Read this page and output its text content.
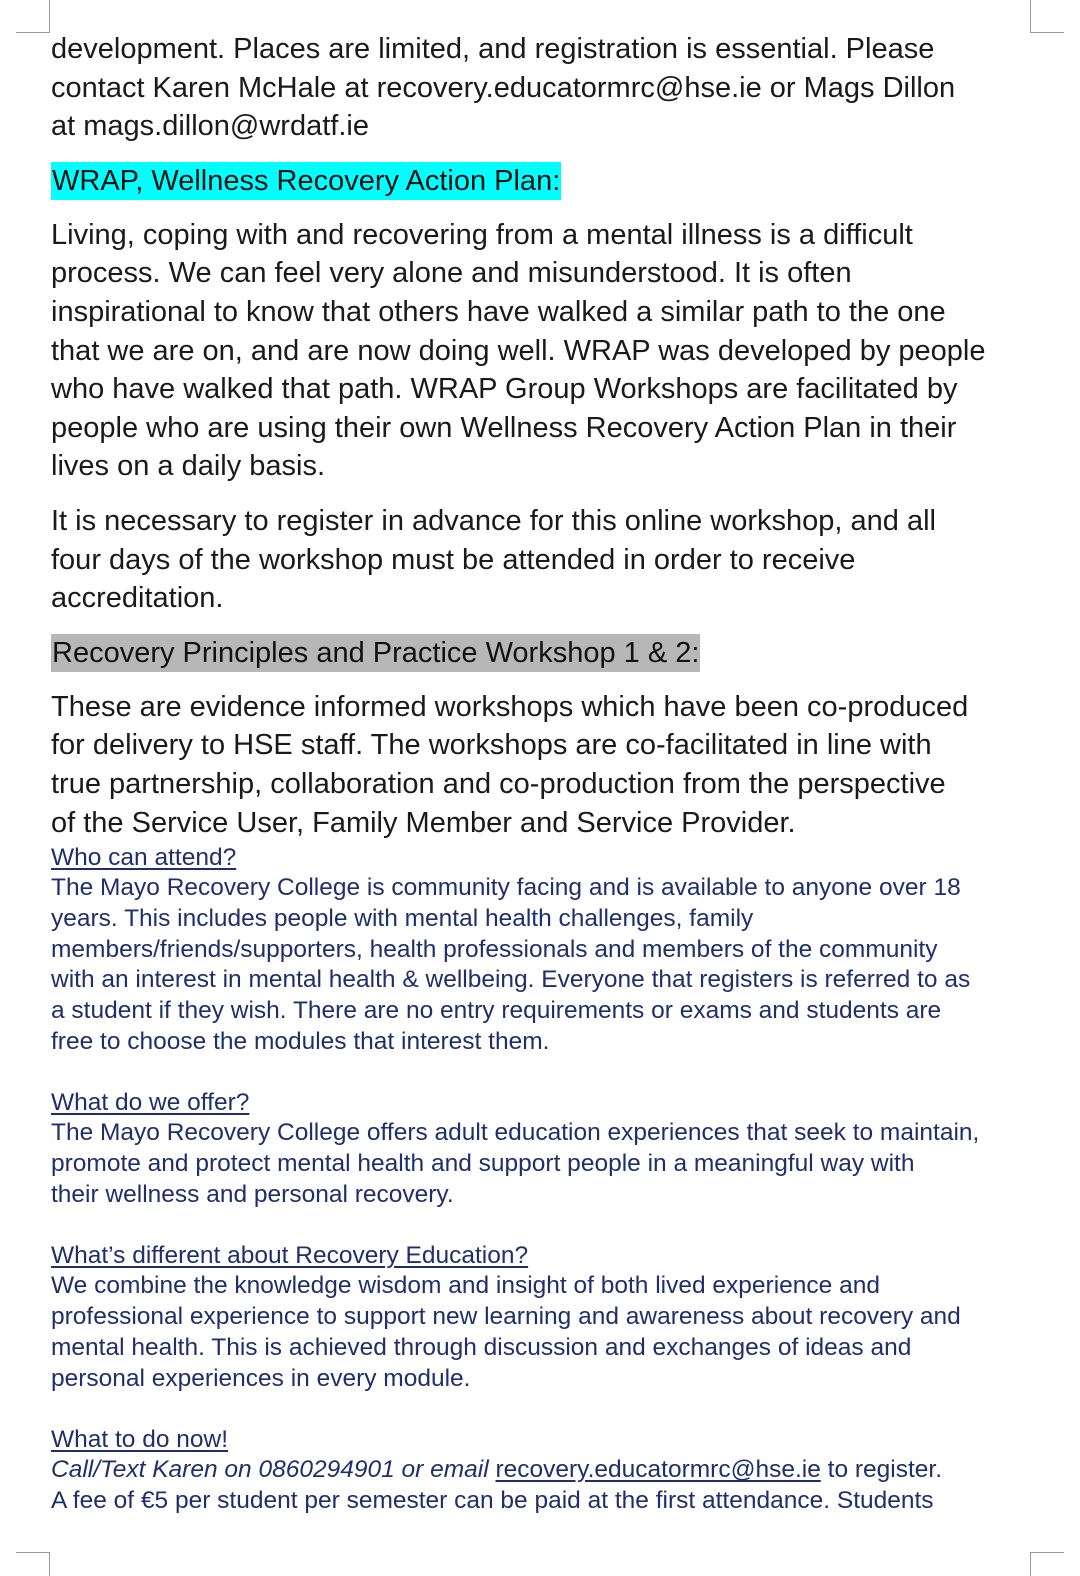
development. Places are limited, and registration is essential. Please

contact Karen McHale at recovery.educatormrc@hse.ie or Mags Dillon

at mags.dillon@wrdatf.ie

WRAP, Wellness Recovery Action Plan:

Living, coping with and recovering from a mental illness is a difficult

process. We can feel very alone and misunderstood. It is often

inspirational to know that others have walked a similar path to the one

that we are on, and are now doing well. WRAP was developed by people

who have walked that path. WRAP Group Workshops are facilitated by

people who are using their own Wellness Recovery Action Plan in their

lives on a daily basis.

It is necessary to register in advance for this online workshop, and all

four days of the workshop must be attended in order to receive

accreditation.

Recovery Principles and Practice Workshop 1 & 2:

These are evidence informed workshops which have been co-produced

for delivery to HSE staff. The workshops are co-facilitated in line with

true partnership, collaboration and co-production from the perspective

of the Service User, Family Member and Service Provider.

Who can attend?

The Mayo Recovery College is community facing and is available to anyone over 18

years. This includes people with mental health challenges, family

members/friends/supporters, health professionals and members of the community

with an interest in mental health & wellbeing. Everyone that registers is referred to as

a student if they wish. There are no entry requirements or exams and students are

free to choose the modules that interest them.

What do we offer?

The Mayo Recovery College offers adult education experiences that seek to maintain,

promote and protect mental health and support people in a meaningful way with

their wellness and personal recovery.

What’s different about Recovery Education?

We combine the knowledge wisdom and insight of both lived experience and

professional experience to support new learning and awareness about recovery and

mental health. This is achieved through discussion and exchanges of ideas and

personal experiences in every module.

What to do now!

Call/Text Karen on 0860294901 or email recovery.educatormrc@hse.ie to register.

A fee of €5 per student per semester can be paid at the first attendance. Students
